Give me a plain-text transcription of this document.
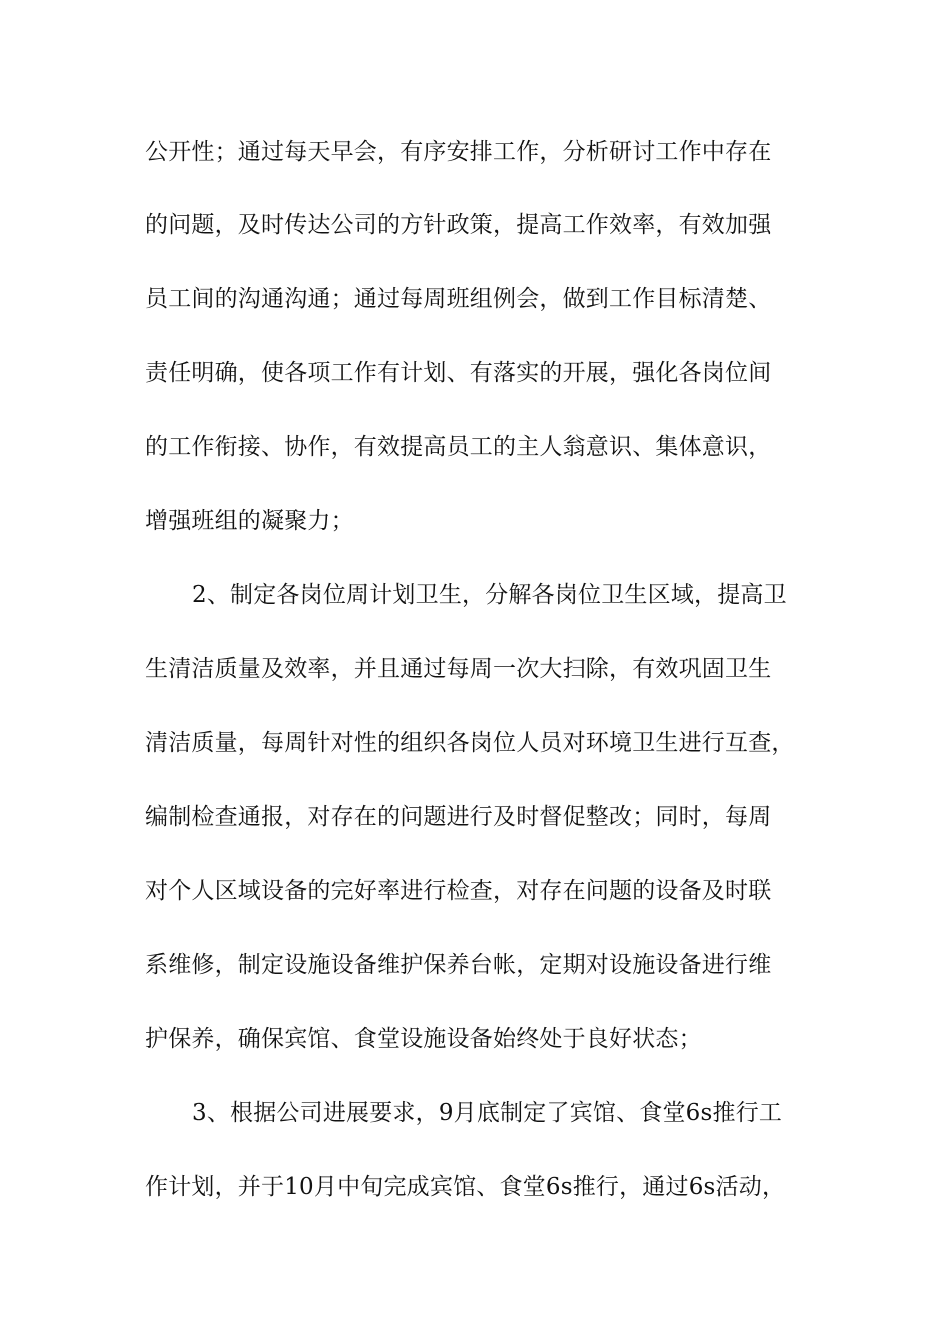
公开性；通过每天早会，有序安排工作，分析研讨工作中存在
的问题，及时传达公司的方针政策，提高工作效率，有效加强
员工间的沟通沟通；通过每周班组例会，做到工作目标清楚、
责任明确，使各项工作有计划、有落实的开展，强化各岗位间
的工作衔接、协作，有效提高员工的主人翁意识、集体意识，
增强班组的凝聚力；
2、制定各岗位周计划卫生，分解各岗位卫生区域，提高卫
生清洁质量及效率，并且通过每周一次大扫除，有效巩固卫生
清洁质量，每周针对性的组织各岗位人员对环境卫生进行互查，
编制检查通报，对存在的问题进行及时督促整改；同时，每周
对个人区域设备的完好率进行检查，对存在问题的设备及时联
系维修，制定设施设备维护保养台帐，定期对设施设备进行维
护保养，确保宾馆、食堂设施设备始终处于良好状态；
3、根据公司进展要求，9月底制定了宾馆、食堂6s推行工
作计划，并于10月中旬完成宾馆、食堂6s推行，通过6s活动，
